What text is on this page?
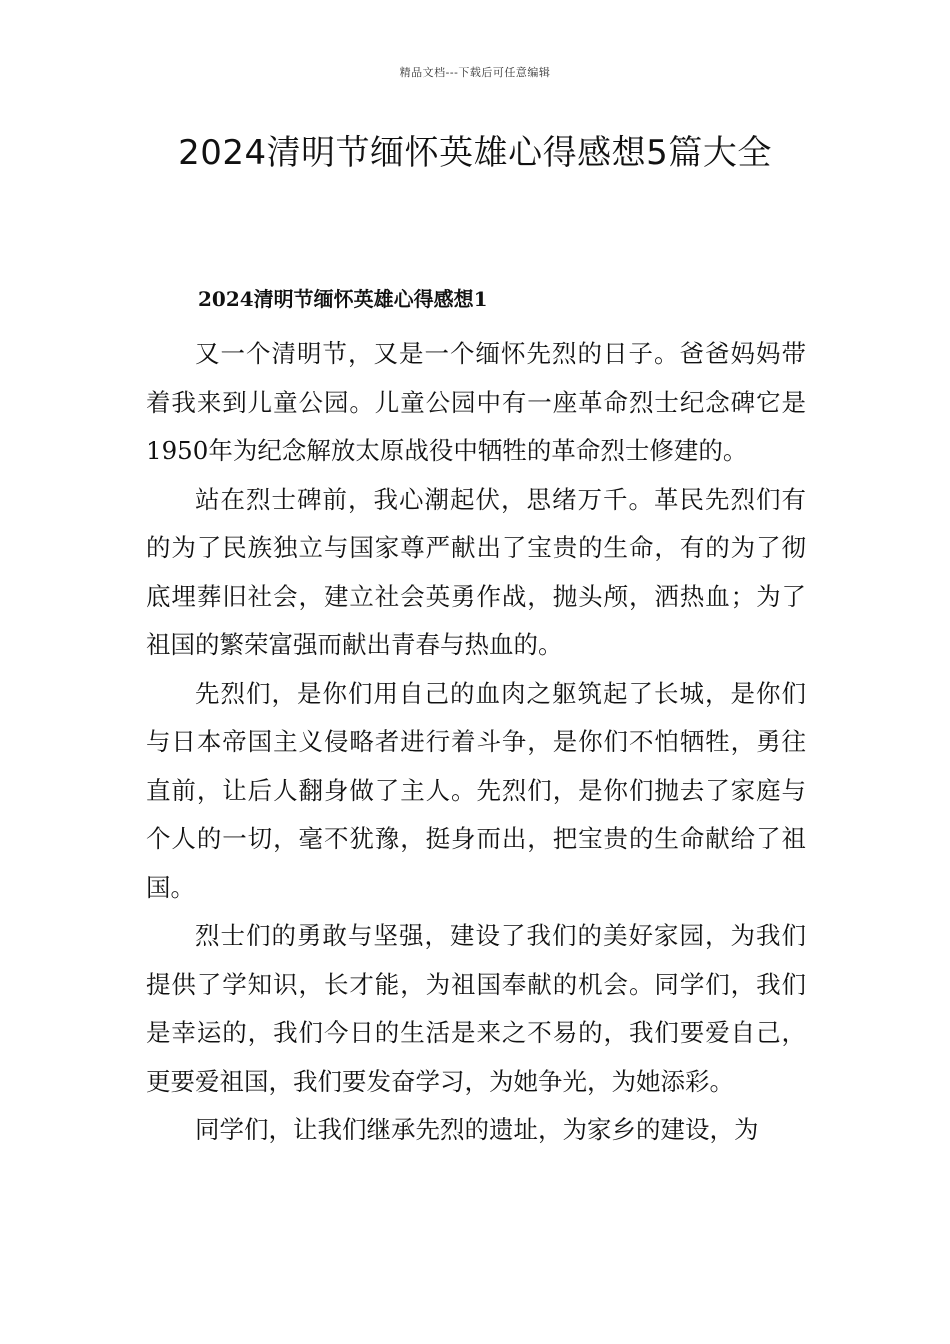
精品文档---下载后可任意编辑
2024清明节缅怀英雄心得感想5篇大全
2024清明节缅怀英雄心得感想1

又一个清明节，又是一个缅怀先烈的日子。爸爸妈妈带着我来到儿童公园。儿童公园中有一座革命烈士纪念碑它是1950年为纪念解放太原战役中牺牲的革命烈士修建的。

站在烈士碑前，我心潮起伏，思绪万千。革民先烈们有的为了民族独立与国家尊严献出了宝贵的生命，有的为了彻底埋葬旧社会，建立社会英勇作战，抛头颅，洒热血；为了祖国的繁荣富强而献出青春与热血的。

先烈们，是你们用自己的血肉之躯筑起了长城，是你们与日本帝国主义侵略者进行着斗争，是你们不怕牺牲，勇往直前，让后人翻身做了主人。先烈们，是你们抛去了家庭与个人的一切，毫不犹豫，挺身而出，把宝贵的生命献给了祖国。

烈士们的勇敢与坚强，建设了我们的美好家园，为我们提供了学知识，长才能，为祖国奉献的机会。同学们，我们是幸运的，我们今日的生活是来之不易的，我们要爱自己，更要爱祖国，我们要发奋学习，为她争光，为她添彩。

同学们，让我们继承先烈的遗址，为家乡的建设，为
